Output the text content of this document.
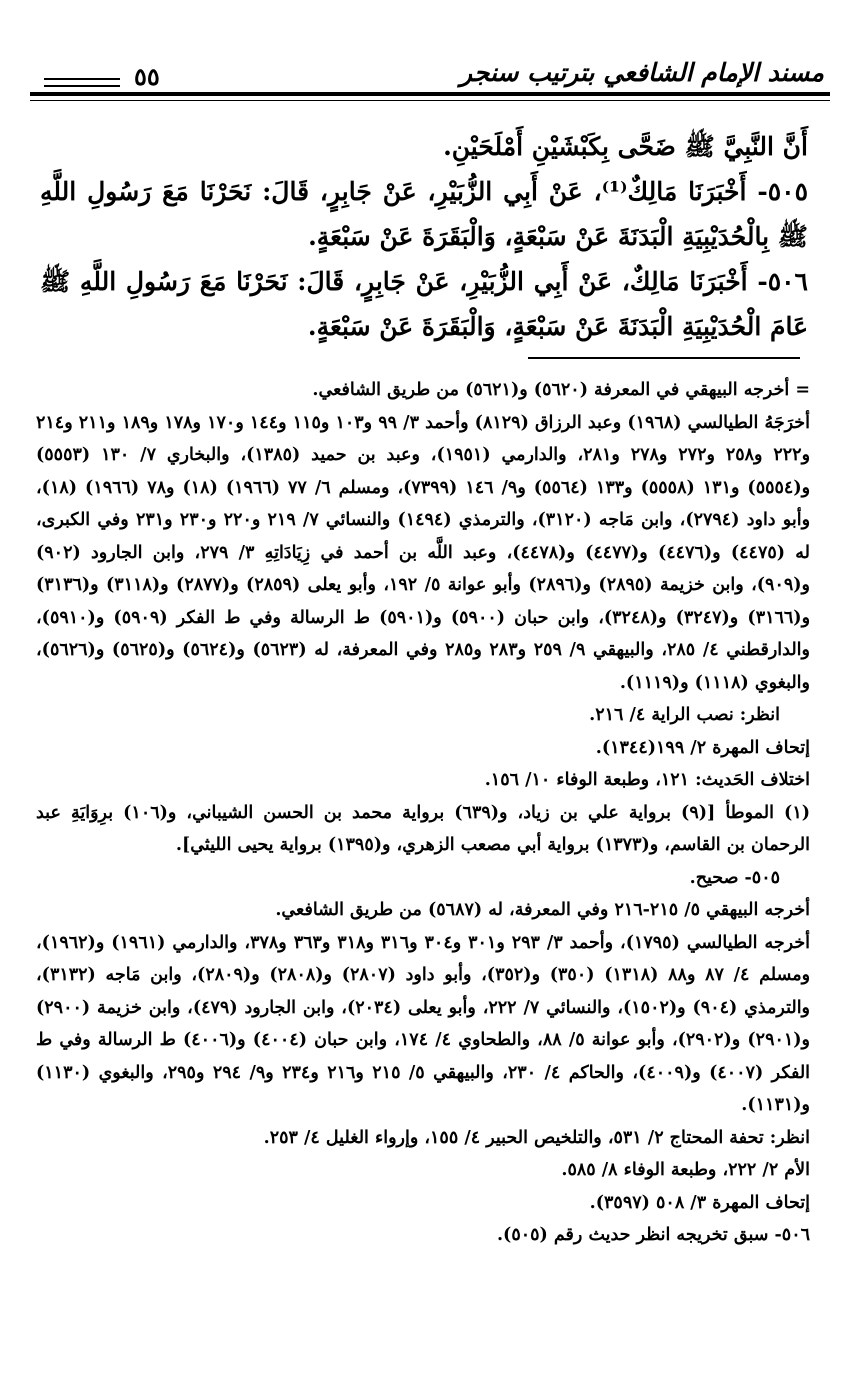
مسند الإمام الشافعي بترتيب سنجر
٥٥

أَنَّ النَّبِيَّ ﷺ ضَحَّى بِكَبْشَيْنِ أَمْلَحَيْنِ.

٥٠٥- أَخْبَرَنَا مَالِكٌ⁽¹⁾، عَنْ أَبِي الزُّبَيْرِ، عَنْ جَابِرٍ، قَالَ: نَحَرْنَا مَعَ رَسُولِ اللَّهِ ﷺ بِالْحُدَيْبِيَةِ الْبَدَنَةَ عَنْ سَبْعَةٍ، وَالْبَقَرَةَ عَنْ سَبْعَةٍ.

٥٠٦- أَخْبَرَنَا مَالِكٌ، عَنْ أَبِي الزُّبَيْرِ، عَنْ جَابِرٍ، قَالَ: نَحَرْنَا مَعَ رَسُولِ اللَّهِ ﷺ عَامَ الْحُدَيْبِيَةِ الْبَدَنَةَ عَنْ سَبْعَةٍ، وَالْبَقَرَةَ عَنْ سَبْعَةٍ.

= أخرجه البيهقي في المعرفة (٥٦٢٠) و(٥٦٢١) من طريق الشافعي.

أخرَجَهُ الطيالسي (١٩٦٨) وعبد الرزاق (٨١٢٩) وأحمد ٣/ ٩٩ و١٠٣ و١١٥ و١٤٤ و١٧٠ و١٧٨ و١٨٩ و٢١١ و٢١٤ و٢٢٢ و٢٥٨ و٢٧٢ و٢٧٨ و٢٨١، والدارمي (١٩٥١)، وعبد بن حميد (١٣٨٥)، والبخاري ٧/ ١٣٠ (٥٥٥٣) و(٥٥٥٤) و١٣١ (٥٥٥٨) و١٣٣ (٥٥٦٤) و٩/ ١٤٦ (٧٣٩٩)، ومسلم ٦/ ٧٧ (١٩٦٦) (١٨) و٧٨ (١٩٦٦) (١٨)، وأبو داود (٢٧٩٤)، وابن مَاجه (٣١٢٠)، والترمذي (١٤٩٤) والنسائي ٧/ ٢١٩ و٢٢٠ و٢٣٠ و٢٣١ وفي الكبرى، له (٤٤٧٥) و(٤٤٧٦) و(٤٤٧٧) و(٤٤٧٨)، وعبد اللَّه بن أحمد في زِيَادَاتِهِ ٣/ ٢٧٩، وابن الجارود (٩٠٢) و(٩٠٩)، وابن خزيمة (٢٨٩٥) و(٢٨٩٦) وأبو عوانة ٥/ ١٩٢، وأبو يعلى (٢٨٥٩) و(٢٨٧٧) و(٣١١٨) و(٣١٣٦) و(٣١٦٦) و(٣٢٤٧) و(٣٢٤٨)، وابن حبان (٥٩٠٠) و(٥٩٠١) ط الرسالة وفي ط الفكر (٥٩٠٩) و(٥٩١٠)، والدارقطني ٤/ ٢٨٥، والبيهقي ٩/ ٢٥٩ و٢٨٣ و٢٨٥ وفي المعرفة، له (٥٦٢٣) و(٥٦٢٤) و(٥٦٢٥) و(٥٦٢٦)، والبغوي (١١١٨) و(١١١٩).

انظر: نصب الراية ٤/ ٢١٦.

إتحاف المهرة ٢/ ١٩٩(١٣٤٤).

اختلاف الحَديث: ١٢١، وطبعة الوفاء ١٠/ ١٥٦.

(١) الموطأ [(٩) برواية علي بن زياد، و(٦٣٩) برواية محمد بن الحسن الشيباني، و(١٠٦) برِوَايَةِ عبد الرحمان بن القاسم، و(١٣٧٣) برواية أبي مصعب الزهري، و(١٣٩٥) برواية يحيى الليثي].

٥٠٥- صحيح.

أخرجه البيهقي ٥/ ٢١٥-٢١٦ وفي المعرفة، له (٥٦٨٧) من طريق الشافعي.

أخرجه الطيالسي (١٧٩٥)، وأحمد ٣/ ٢٩٣ و٣٠١ و٣٠٤ و٣١٦ و٣١٨ و٣٦٣ و٣٧٨، والدارمي (١٩٦١) و(١٩٦٢)، ومسلم ٤/ ٨٧ و٨٨ (١٣١٨) (٣٥٠) و(٣٥٢)، وأبو داود (٢٨٠٧) و(٢٨٠٨) و(٢٨٠٩)، وابن مَاجه (٣١٣٢)، والترمذي (٩٠٤) و(١٥٠٢)، والنسائي ٧/ ٢٢٢، وأبو يعلى (٢٠٣٤)، وابن الجارود (٤٧٩)، وابن خزيمة (٢٩٠٠) و(٢٩٠١) و(٢٩٠٢)، وأبو عوانة ٥/ ٨٨، والطحاوي ٤/ ١٧٤، وابن حبان (٤٠٠٤) و(٤٠٠٦) ط الرسالة وفي ط الفكر (٤٠٠٧) و(٤٠٠٩)، والحاكم ٤/ ٢٣٠، والبيهقي ٥/ ٢١٥ و٢١٦ و٢٣٤ و٩/ ٢٩٤ و٢٩٥، والبغوي (١١٣٠) و(١١٣١).

انظر: تحفة المحتاج ٢/ ٥٣١، والتلخيص الحبير ٤/ ١٥٥، وإرواء الغليل ٤/ ٢٥٣.

الأم ٢/ ٢٢٢، وطبعة الوفاء ٨/ ٥٨٥.

إتحاف المهرة ٣/ ٥٠٨ (٣٥٩٧).

٥٠٦- سبق تخريجه انظر حديث رقم (٥٠٥).
